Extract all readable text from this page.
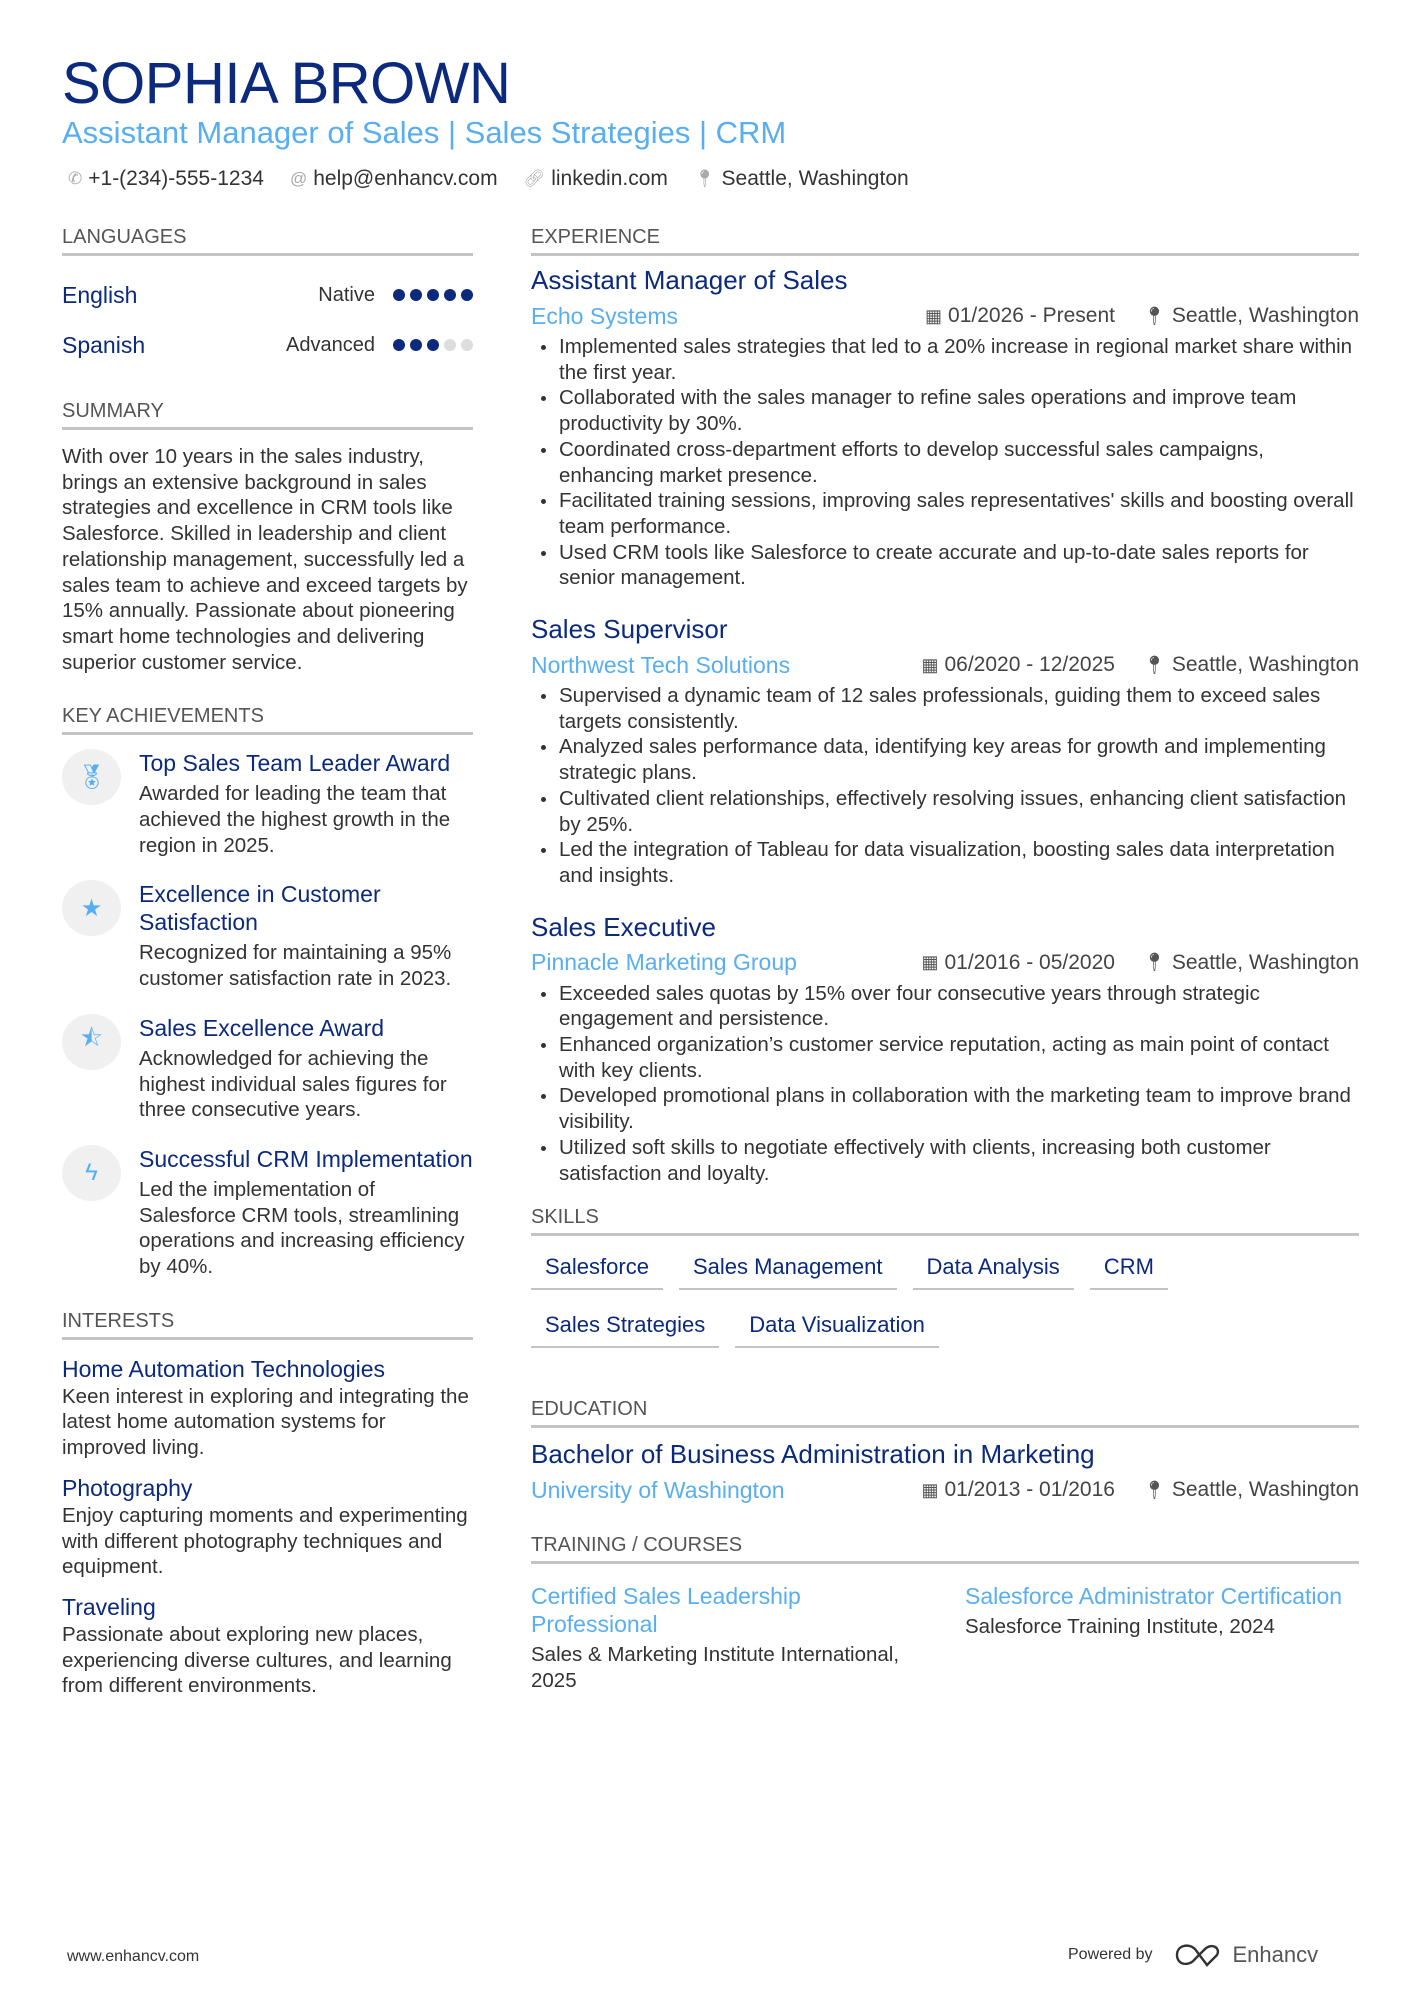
SOPHIA BROWN
Assistant Manager of Sales | Sales Strategies | CRM
✆ +1-(234)-555-1234 @ help@enhancv.com 🔗︎ linkedin.com 📍︎ Seattle, Washington
LANGUAGES
English	Native
Spanish	Advanced
SUMMARY
With over 10 years in the sales industry, brings an extensive background in sales strategies and excellence in CRM tools like Salesforce. Skilled in leadership and client relationship management, successfully led a sales team to achieve and exceed targets by 15% annually. Passionate about pioneering smart home technologies and delivering superior customer service.
KEY ACHIEVEMENTS
🏅︎
Top Sales Team Leader Award
Awarded for leading the team that achieved the highest growth in the region in 2025.
★
Excellence in Customer Satisfaction
Recognized for maintaining a 95% customer satisfaction rate in 2023.
⯪	Sales Excellence Award
Acknowledged for achieving the highest individual sales figures for three consecutive years.
ϟ	Successful CRM Implementation
Led the implementation of Salesforce CRM tools, streamlining operations and increasing efficiency by 40%.
INTERESTS
Home Automation Technologies
Keen interest in exploring and integrating the latest home automation systems for improved living.
Photography
Enjoy capturing moments and experimenting with different photography techniques and equipment.
Traveling
Passionate about exploring new places, experiencing diverse cultures, and learning from different environments.
EXPERIENCE
Assistant Manager of Sales
Echo Systems	▦ 01/2026 - Present 📍︎ Seattle, Washington
Implemented sales strategies that led to a 20% increase in regional market share within the first year.
Collaborated with the sales manager to refine sales operations and improve team productivity by 30%.
Coordinated cross-department efforts to develop successful sales campaigns, enhancing market presence.
Facilitated training sessions, improving sales representatives' skills and boosting overall team performance.
Used CRM tools like Salesforce to create accurate and up-to-date sales reports for senior management.
Sales Supervisor
Northwest Tech Solutions	▦ 06/2020 - 12/2025 📍︎ Seattle, Washington
Supervised a dynamic team of 12 sales professionals, guiding them to exceed sales targets consistently.
Analyzed sales performance data, identifying key areas for growth and implementing strategic plans.
Cultivated client relationships, effectively resolving issues, enhancing client satisfaction by 25%.
Led the integration of Tableau for data visualization, boosting sales data interpretation and insights.
Sales Executive
Pinnacle Marketing Group	▦ 01/2016 - 05/2020 📍︎ Seattle, Washington
Exceeded sales quotas by 15% over four consecutive years through strategic engagement and persistence.
Enhanced organization’s customer service reputation, acting as main point of contact with key clients.
Developed promotional plans in collaboration with the marketing team to improve brand visibility.
Utilized soft skills to negotiate effectively with clients, increasing both customer satisfaction and loyalty.
SKILLS
Salesforce	Sales Management	Data Analysis	CRM
Sales Strategies	Data Visualization
EDUCATION
Bachelor of Business Administration in Marketing
University of Washington	▦ 01/2013 - 01/2016 📍︎ Seattle, Washington
TRAINING / COURSES
Certified Sales Leadership Professional
Sales & Marketing Institute International, 2025
Salesforce Administrator Certification
Salesforce Training Institute, 2024
www.enhancv.com	Powered by	Enhancv
